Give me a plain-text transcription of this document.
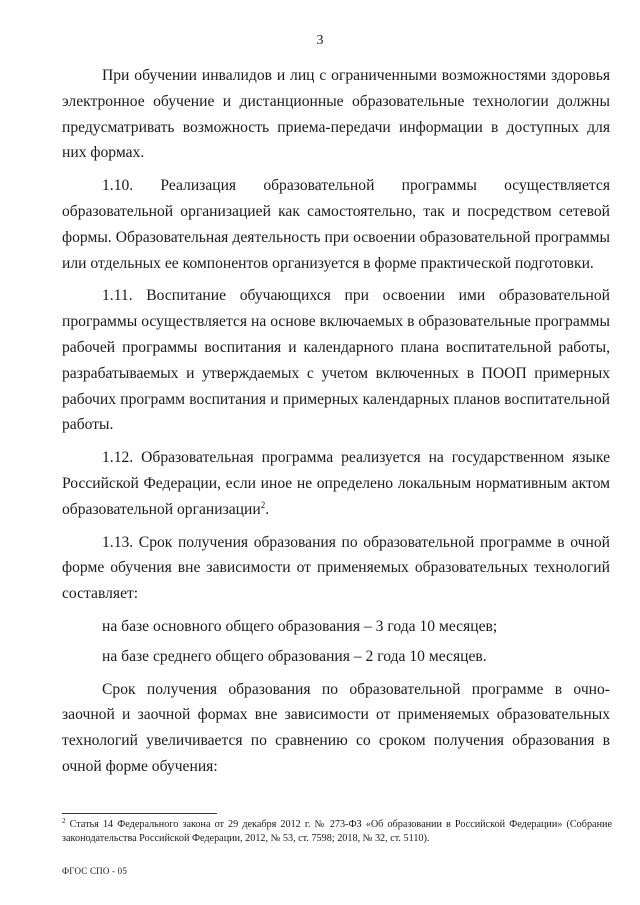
3

При обучении инвалидов и лиц с ограниченными возможностями здоровья электронное обучение и дистанционные образовательные технологии должны предусматривать возможность приема-передачи информации в доступных для них формах.

1.10. Реализация образовательной программы осуществляется образовательной организацией как самостоятельно, так и посредством сетевой формы. Образовательная деятельность при освоении образовательной программы или отдельных ее компонентов организуется в форме практической подготовки.

1.11. Воспитание обучающихся при освоении ими образовательной программы осуществляется на основе включаемых в образовательные программы рабочей программы воспитания и календарного плана воспитательной работы, разрабатываемых и утверждаемых с учетом включенных в ПООП примерных рабочих программ воспитания и примерных календарных планов воспитательной работы.

1.12. Образовательная программа реализуется на государственном языке Российской Федерации, если иное не определено локальным нормативным актом образовательной организации$^2$.

1.13. Срок получения образования по образовательной программе в очной форме обучения вне зависимости от применяемых образовательных технологий составляет:

на базе основного общего образования – 3 года 10 месяцев;

на базе среднего общего образования – 2 года 10 месяцев.

Срок получения образования по образовательной программе в очно-заочной и заочной формах вне зависимости от применяемых образовательных технологий увеличивается по сравнению со сроком получения образования в очной форме обучения:

$^2$ Статья 14 Федерального закона от 29 декабря 2012 г. № 273-ФЗ «Об образовании в Российской Федерации» (Собрание законодательства Российской Федерации, 2012, № 53, ст. 7598; 2018, № 32, ст. 5110).
ФГОС СПО - 05
